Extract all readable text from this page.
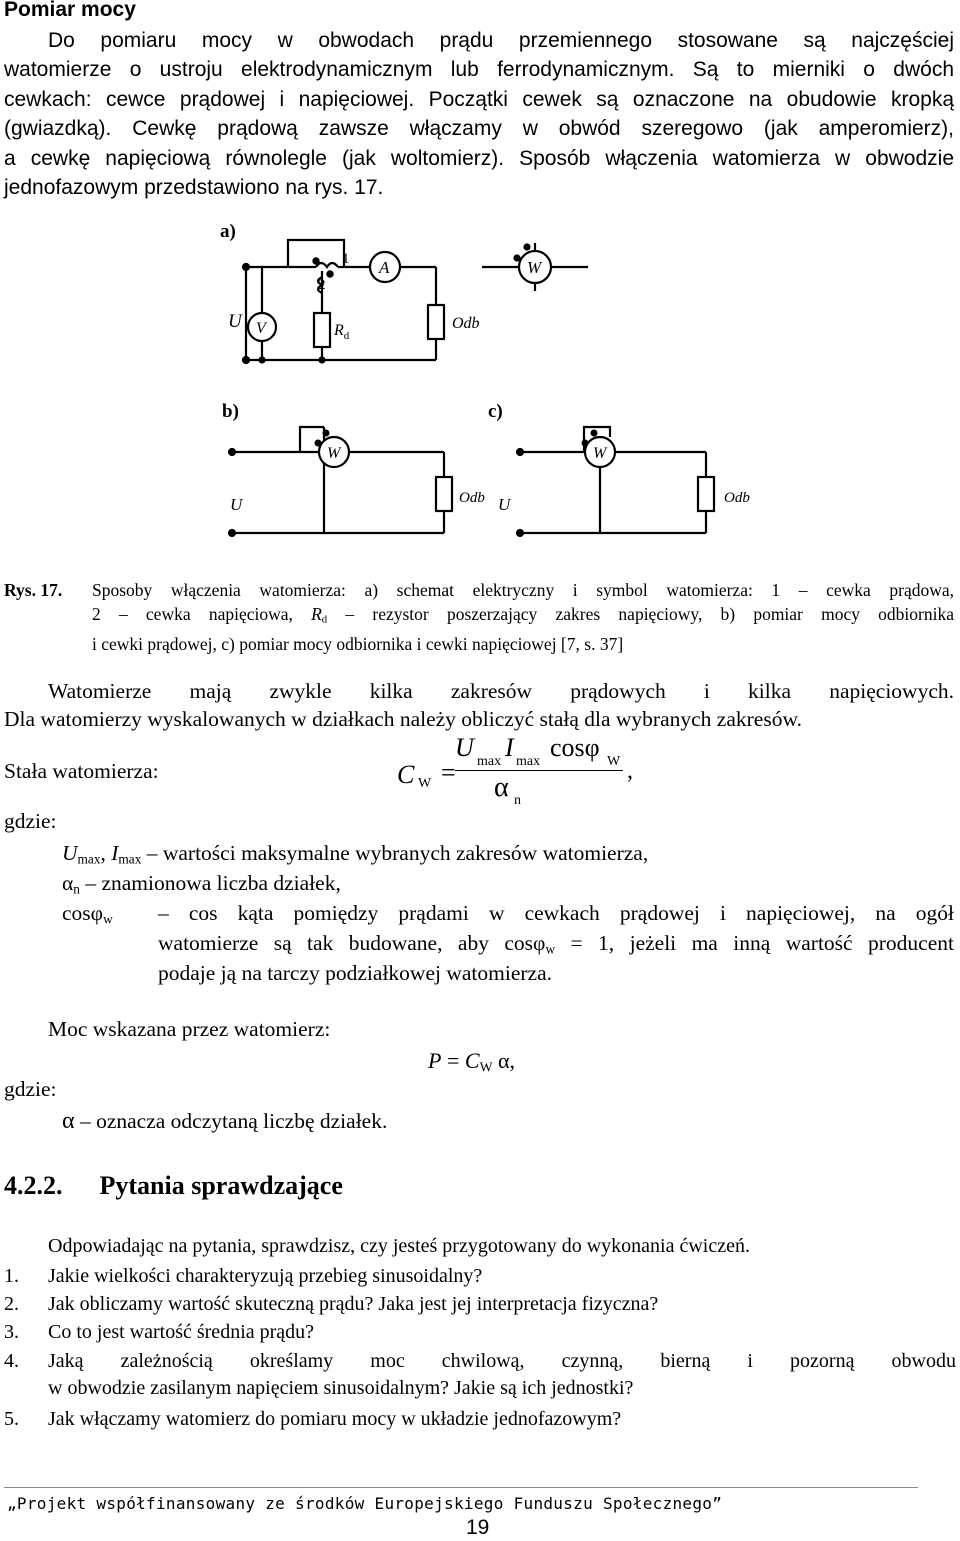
Pomiar mocy
Do pomiaru mocy w obwodach prądu przemiennego stosowane są najczęściej
watomierze o ustroju elektrodynamicznym lub ferrodynamicznym. Są to mierniki o dwóch
cewkach: cewce prądowej i napięciowej. Początki cewek są oznaczone na obudowie kropką
(gwiazdką). Cewkę prądową zawsze włączamy w obwód szeregowo (jak amperomierz),
a cewkę napięciową równolegle (jak woltomierz). Sposób włączenia watomierza w obwodzie
jednofazowym przedstawiono na rys. 17.
a)
A
1
2
U V	$R_d$
Odb
W
b)
U
W
Odb
c)
U
W
Odb
Rys. 17.	Sposoby włączenia watomierza: a) schemat elektryczny i symbol watomierza: 1 – cewka prądowa,
2 – cewka napięciowa, $R_d$ – rezystor poszerzający zakres napięciowy, b) pomiar mocy odbiornika
i cewki prądowej, c) pomiar mocy odbiornika i cewki napięciowej [7, s. 37]
Watomierze mają zwykle kilka zakresów prądowych i kilka napięciowych.
Dla watomierzy wyskalowanych w działkach należy obliczyć stałą dla wybranych zakresów.
Stała watomierza:	C W =
U max I max cosφ W
α n
,
gdzie:
$U_{max}$, $I_{max}$ – wartości maksymalne wybranych zakresów watomierza,
$\alpha_n$ – znamionowa liczba działek,
cosφ$_w$	– cos kąta pomiędzy prądami w cewkach prądowej i napięciowej, na ogół
watomierze są tak budowane, aby cosφ$_w$ = 1, jeżeli ma inną wartość producent
podaje ją na tarczy podziałkowej watomierza.
Moc wskazana przez watomierz:
$P = C_W$ α,
gdzie:
α – oznacza odczytaną liczbę działek.
4.2.2. Pytania sprawdzające
Odpowiadając na pytania, sprawdzisz, czy jesteś przygotowany do wykonania ćwiczeń.
1.	Jakie wielkości charakteryzują przebieg sinusoidalny?
2.	Jak obliczamy wartość skuteczną prądu? Jaka jest jej interpretacja fizyczna?
3.	Co to jest wartość średnia prądu?
4.	Jaką zależnością określamy moc chwilową, czynną, bierną i pozorną obwodu
w obwodzie zasilanym napięciem sinusoidalnym? Jakie są ich jednostki?
5.	Jak włączamy watomierz do pomiaru mocy w układzie jednofazowym?
„Projekt współfinansowany ze środków Europejskiego Funduszu Społecznego”
19
